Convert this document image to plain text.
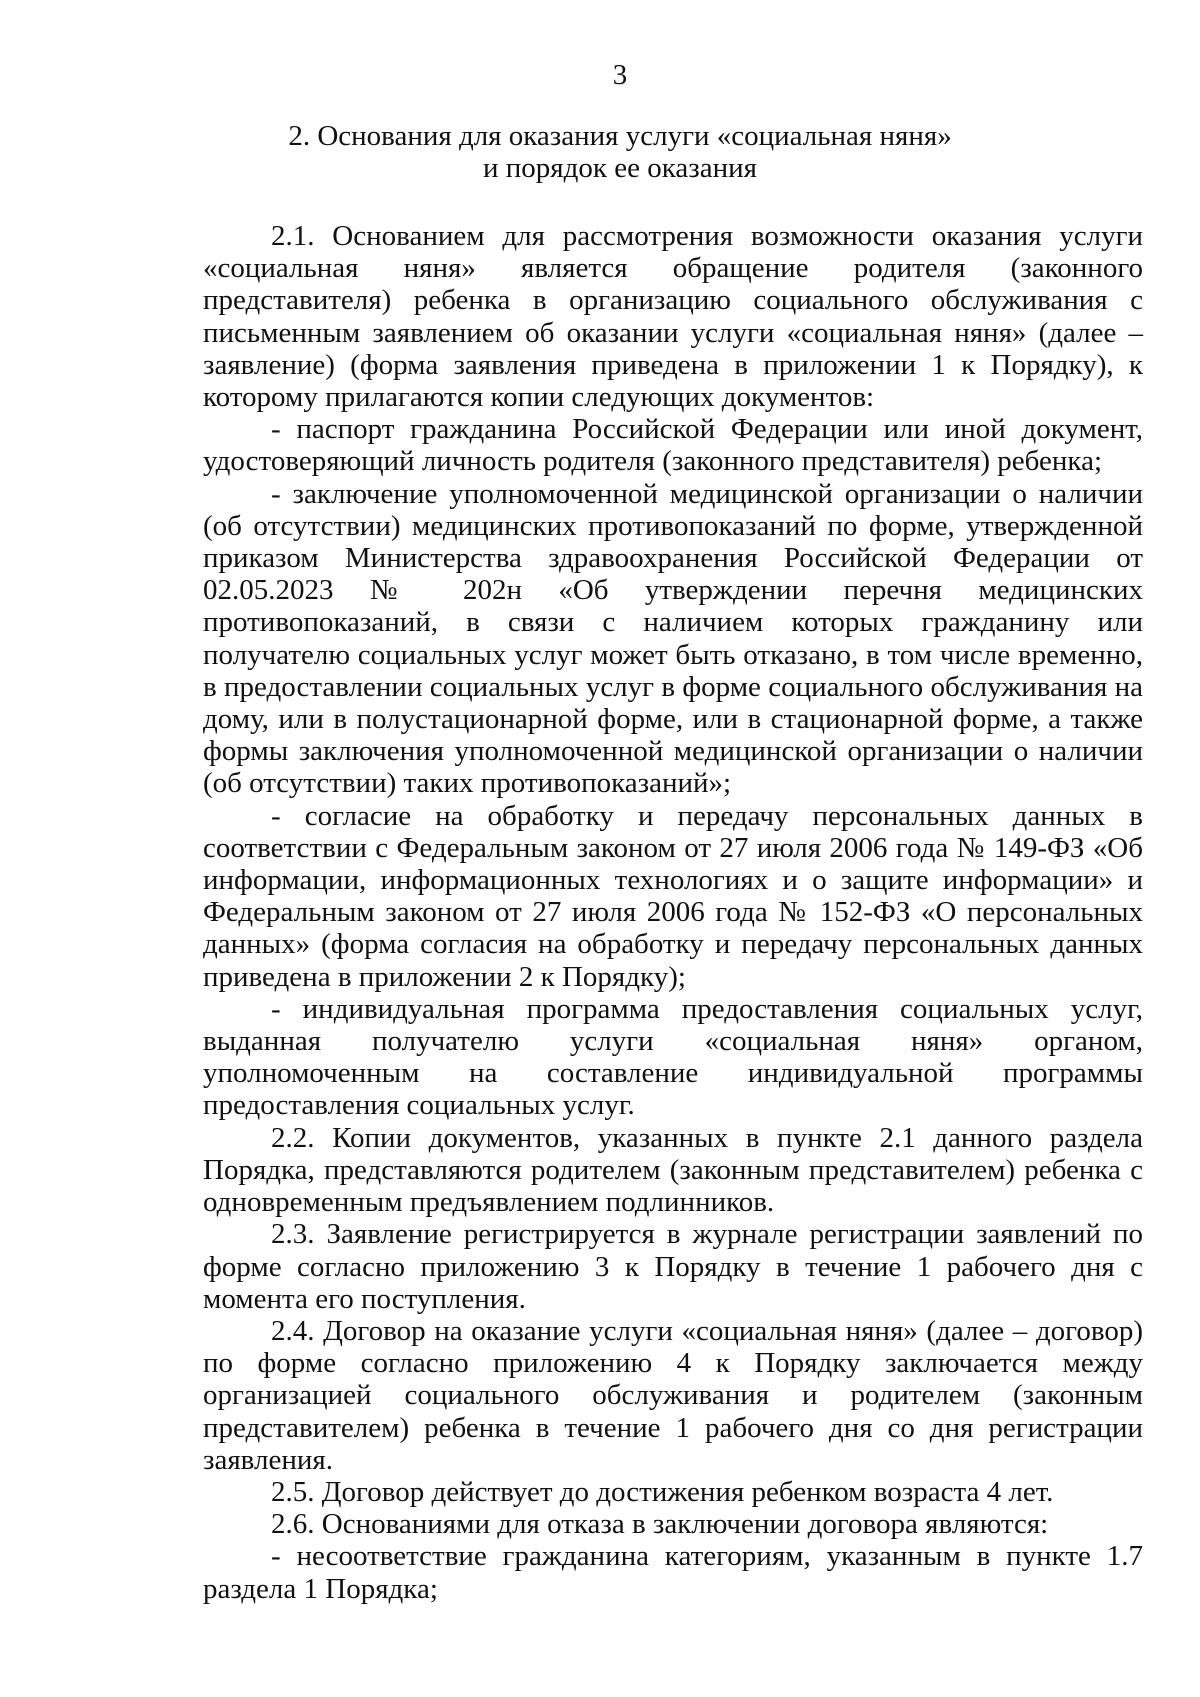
3
2. Основания для оказания услуги «социальная няня»
и порядок ее оказания

2.1. Основанием для рассмотрения возможности оказания услуги «социальная няня» является обращение родителя (законного представителя) ребенка в организацию социального обслуживания с письменным заявлением об оказании услуги «социальная няня» (далее – заявление) (форма заявления приведена в приложении 1 к Порядку), к которому прилагаются копии следующих документов:

- паспорт гражданина Российской Федерации или иной документ, удостоверяющий личность родителя (законного представителя) ребенка;

- заключение уполномоченной медицинской организации о наличии (об отсутствии) медицинских противопоказаний по форме, утвержденной приказом Министерства здравоохранения Российской Федерации от 02.05.2023 № 202н «Об утверждении перечня медицинских противопоказаний, в связи с наличием которых гражданину или получателю социальных услуг может быть отказано, в том числе временно, в предоставлении социальных услуг в форме социального обслуживания на дому, или в полустационарной форме, или в стационарной форме, а также формы заключения уполномоченной медицинской организации о наличии (об отсутствии) таких противопоказаний»;

- согласие на обработку и передачу персональных данных в соответствии с Федеральным законом от 27 июля 2006 года № 149-ФЗ «Об информации, информационных технологиях и о защите информации» и Федеральным законом от 27 июля 2006 года № 152-ФЗ «О персональных данных» (форма согласия на обработку и передачу персональных данных приведена в приложении 2 к Порядку);

- индивидуальная программа предоставления социальных услуг, выданная получателю услуги «социальная няня» органом, уполномоченным на составление индивидуальной программы предоставления социальных услуг.

2.2. Копии документов, указанных в пункте 2.1 данного раздела Порядка, представляются родителем (законным представителем) ребенка с одновременным предъявлением подлинников.

2.3. Заявление регистрируется в журнале регистрации заявлений по форме согласно приложению 3 к Порядку в течение 1 рабочего дня с момента его поступления.

2.4. Договор на оказание услуги «социальная няня» (далее – договор) по форме согласно приложению 4 к Порядку заключается между организацией социального обслуживания и родителем (законным представителем) ребенка в течение 1 рабочего дня со дня регистрации заявления.

2.5. Договор действует до достижения ребенком возраста 4 лет.

2.6. Основаниями для отказа в заключении договора являются:

- несоответствие гражданина категориям, указанным в пункте 1.7 раздела 1 Порядка;
